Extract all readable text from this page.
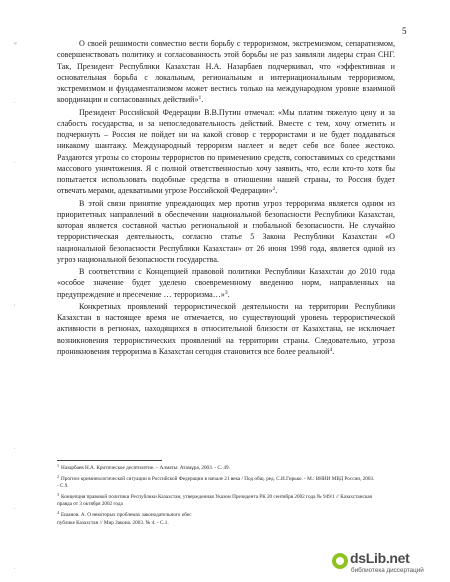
5
≈
.
.
,
.
.
.

О своей решимости совместно вести борьбу с терроризмом, экстремизмом, сепаратизмом, совершенствовать политику и согласованность этой борьбы не раз заявляли лидеры стран СНГ. Так, Президент Республики Казахстан Н.А. Назарбаев подчеркивал, что «эффективная и основательная борьба с локальным, региональным и интернациональным терроризмом, экстремизмом и фундаментализмом может вестись только на международном уровне взаимной координации и согласованных действий»$^1$.

Президент Российской Федерации В.В.Путин отмечал: «Мы платим тяжелую цену и за слабость государства, и за непоследовательность действий. Вместе с тем, хочу отметить и подчеркнуть – Россия не пойдет ни на какой сговор с террористами и не будет поддаваться никакому шантажу. Международный терроризм наглеет и ведет себя все более жестоко. Раздаются угрозы со стороны террористов по применению средств, сопоставимых со средствами массового уничтожения. Я с полной ответственностью хочу заявить, что, если кто-то хотя бы попытается использовать подобные средства в отношении нашей страны, то Россия будет отвечать мерами, адекватными угрозе Российской Федерации»$^2$.

В этой связи принятие упреждающих мер против угроз терроризма является одним из приоритетных направлений в обеспечении национальной безопасности Республики Казахстан, которая является составной частью региональной и глобальной безопасности. Не случайно террористическая деятельность, согласно статье 5 Закона Республики Казахстан «О национальной безопасности Республики Казахстан» от 26 июня 1998 года, является одной из угроз национальной безопасности государства.

В соответствии с Концепцией правовой политики Республики Казахстан до 2010 года «особое значение будет уделено своевременному введению норм, направленных на предупреждение и пресечение … терроризма…»$^3$.

Конкретных проявлений террористической деятельности на территории Республики Казахстан в настоящее время не отмечается, но существующий уровень террористической активности в регионах, находящихся в относительной близости от Казахстана, не исключает возникновения террористических проявлений на территории страны. Следовательно, угроза проникновения терроризма в Казахстан сегодня становится все более реальной$^4$.

$^1$ Назарбаев Н.А. Критическое десятилетие. – Алматы: Атамұра, 2003. - С. 49.
$^2$ Прогноз криминологической ситуации в Российской Федерации в начале 21 века / Под общ. ред. С.И.Гирько. - М.: ВНИИ МВД России, 2003. - С.9.
$^3$ Концепция правовой политики Республики Казахстан, утвержденная Указом Президента РК 20 сентября 2002 года № 949/1 // Казахстанская правда от 3 октября 2002 года
$^4$ Ешанов. А. О некоторых проблемах законодательного обес
публике Казахстан // Мир Закона. 2003. № 4. - С.1.
dsLib.net
библиотека диссертаций
